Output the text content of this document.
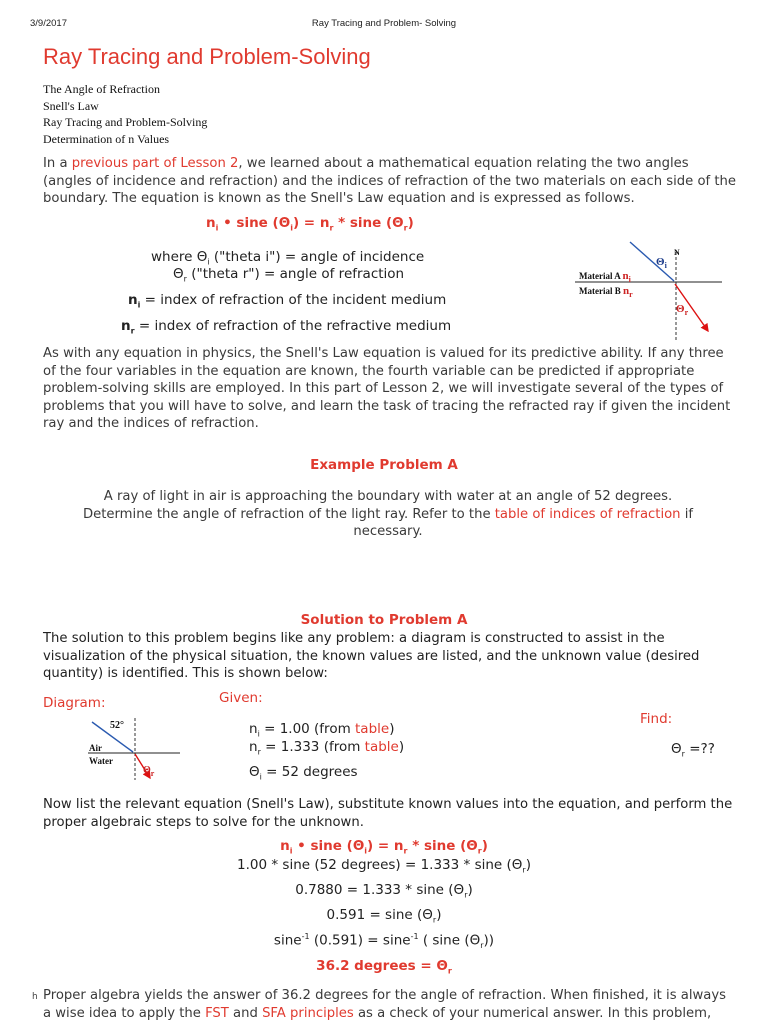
3/9/2017	Ray Tracing and Problem- Solving
Ray Tracing and Problem-Solving
The Angle of Refraction
Snell's Law
Ray Tracing and Problem-Solving
Determination of n Values
In a previous part of Lesson 2, we learned about a mathematical equation relating the two angles
(angles of incidence and refraction) and the indices of refraction of the two materials on each side of the
boundary. The equation is known as the Snell's Law equation and is expressed as follows.
$n_i$ • sine $(\Theta_i) = n_r * \sin e$ $(\Theta_r)$
where $\Theta_i$ ("theta i") = angle of incidence
$\Theta_r$ ("theta r") = angle of refraction
$n_i$ = index of refraction of the incident medium
$n_r$ = index of refraction of the refractive medium
N
$\Theta_i$
Material A $n_i$
Material B $n_r$
$\Theta_r$
As with any equation in physics, the Snell's Law equation is valued for its predictive ability. If any three
of the four variables in the equation are known, the fourth variable can be predicted if appropriate
problem-solving skills are employed. In this part of Lesson 2, we will investigate several of the types of
problems that you will have to solve, and learn the task of tracing the refracted ray if given the incident
ray and the indices of refraction.
Example Problem A
A ray of light in air is approaching the boundary with water at an angle of 52 degrees.
Determine the angle of refraction of the light ray. Refer to the table of indices of refraction if
necessary.
Solution to Problem A
The solution to this problem begins like any problem: a diagram is constructed to assist in the
visualization of the physical situation, the known values are listed, and the unknown value (desired
quantity) is identified. This is shown below:
Diagram:	Given:
Find:
52°
Air
Water
$\Theta_r$
$n_i = 1.00$ (from table)
$n_r = 1.333$ (from table)
$\Theta_i = 52$ degrees
$\Theta_r$ =??
Now list the relevant equation (Snell's Law), substitute known values into the equation, and perform the
proper algebraic steps to solve for the unknown.
$n_i$ • sine $(\Theta_i) = n_r * \sin e$ $(\Theta_r)$
1.00 * sine (52 degrees) = 1.333 * sine $(\Theta_r)$
0.7880 = 1.333 * sine $(\Theta_r)$
0.591 = sine $(\Theta_r)$
sine$^{-1}$ (0.591) = sine$^{-1}$ ( sine $(\Theta_r)$)
36.2 degrees = $\Theta_r$
h Proper algebra yields the answer of 36.2 degrees for the angle of refraction. When finished, it is always
a wise idea to apply the FST and SFA principles as a check of your numerical answer. In this problem,
